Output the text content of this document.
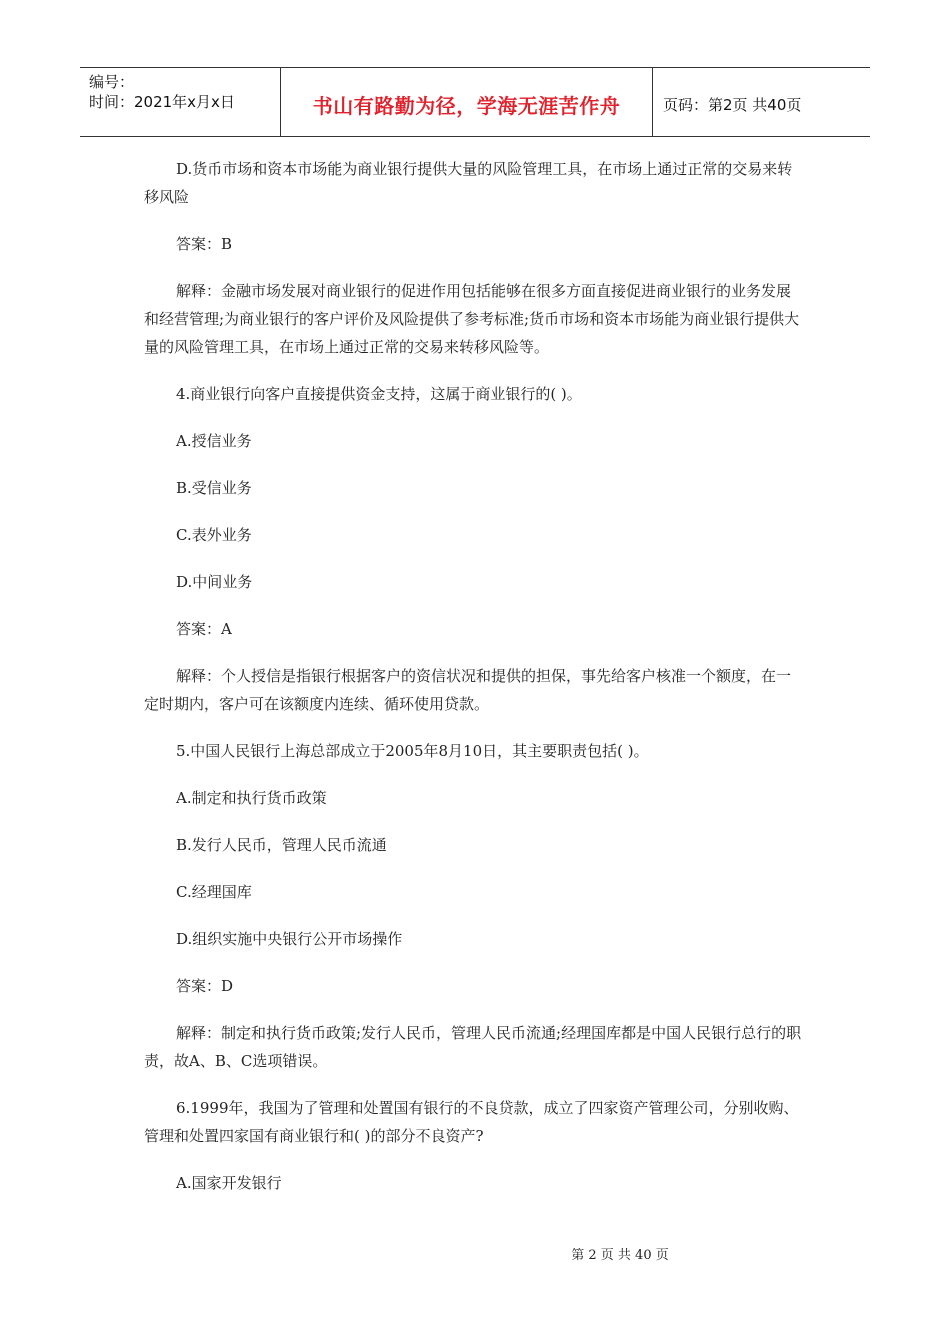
编号：
时间：2021年x月x日	书山有路勤为径，学海无涯苦作舟	页码：第2页 共40页

D.货币市场和资本市场能为商业银行提供大量的风险管理工具，在市场上通过正常的交易来转移风险

答案：B

解释：金融市场发展对商业银行的促进作用包括能够在很多方面直接促进商业银行的业务发展和经营管理;为商业银行的客户评价及风险提供了参考标准;货币市场和资本市场能为商业银行提供大量的风险管理工具，在市场上通过正常的交易来转移风险等。

4.商业银行向客户直接提供资金支持，这属于商业银行的( )。

A.授信业务

B.受信业务

C.表外业务

D.中间业务

答案：A

解释：个人授信是指银行根据客户的资信状况和提供的担保，事先给客户核准一个额度，在一定时期内，客户可在该额度内连续、循环使用贷款。

5.中国人民银行上海总部成立于2005年8月10日，其主要职责包括( )。

A.制定和执行货币政策

B.发行人民币，管理人民币流通

C.经理国库

D.组织实施中央银行公开市场操作

答案：D

解释：制定和执行货币政策;发行人民币，管理人民币流通;经理国库都是中国人民银行总行的职责，故A、B、C选项错误。

6.1999年，我国为了管理和处置国有银行的不良贷款，成立了四家资产管理公司，分别收购、管理和处置四家国有商业银行和( )的部分不良资产?

A.国家开发银行

第 2 页 共 40 页
